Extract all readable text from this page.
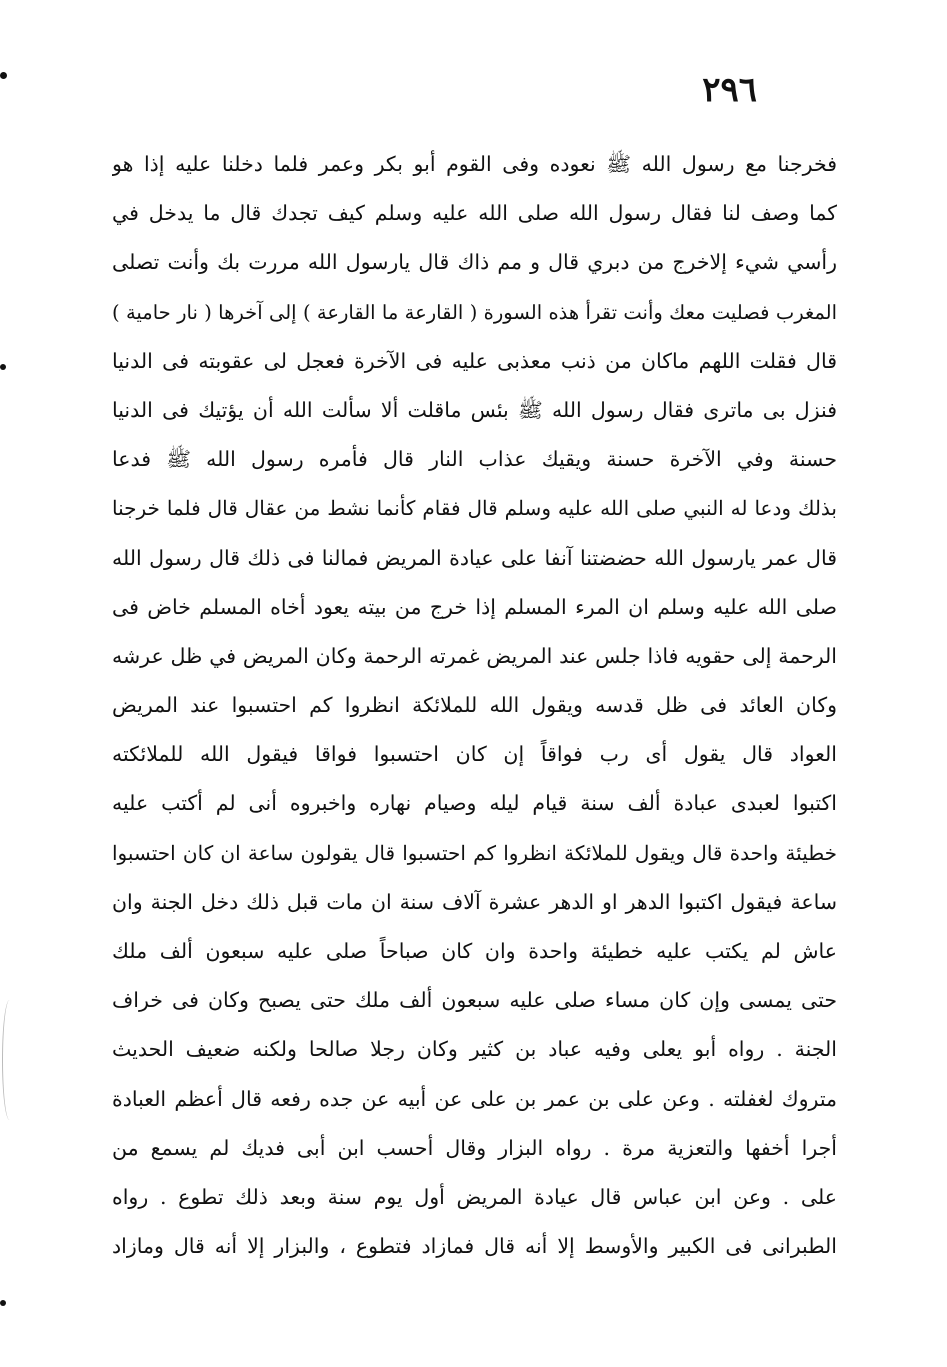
٢٩٦
فخرجنا مع رسول الله ﷺ نعوده وفى القوم أبو بكر وعمر فلما دخلنا عليه إذا هو
كما وصف لنا فقال رسول الله صلى الله عليه وسلم كيف تجدك قال ما يدخل في
رأسي شيء إلاخرج من دبري قال و مم ذاك قال يارسول الله مررت بك وأنت تصلى
المغرب فصليت معك وأنت تقرأ هذه السورة ( القارعة ما القارعة ) إلى آخرها ( نار حامية )
قال فقلت اللهم ماكان من ذنب معذبى عليه فى الآخرة فعجل لى عقوبته فى الدنيا
فنزل بى ماترى فقال رسول الله ﷺ بئس ماقلت ألا سألت الله أن يؤتيك فى الدنيا
حسنة وفي الآخرة حسنة ويقيك عذاب النار قال فأمره رسول الله ﷺ فدعا
بذلك ودعا له النبي صلى الله عليه وسلم قال فقام كأنما نشط من عقال قال فلما خرجنا
قال عمر يارسول الله حضضتنا آنفا على عيادة المريض فمالنا فى ذلك قال رسول الله
صلى الله عليه وسلم ان المرء المسلم إذا خرج من بيته يعود أخاه المسلم خاض فى
الرحمة إلى حقويه فاذا جلس عند المريض غمرته الرحمة وكان المريض في ظل عرشه
وكان العائد فى ظل قدسه ويقول الله للملائكة انظروا كم احتسبوا عند المريض
العواد قال يقول أى رب فواقاً إن كان احتسبوا فواقا فيقول الله للملائكته
اكتبوا لعبدى عبادة ألف سنة قيام ليله وصيام نهاره واخبروه أنى لم أكتب عليه
خطيئة واحدة قال ويقول للملائكة انظروا كم احتسبوا قال يقولون ساعة ان كان احتسبوا
ساعة فيقول اكتبوا الدهر او الدهر عشرة آلاف سنة ان مات قبل ذلك دخل الجنة وان
عاش لم يكتب عليه خطيئة واحدة وان كان صباحاً صلى عليه سبعون ألف ملك
حتى يمسى وإن كان مساء صلى عليه سبعون ألف ملك حتى يصبح وكان فى خراف
الجنة . رواه أبو يعلى وفيه عباد بن كثير وكان رجلا صالحا ولكنه ضعيف الحديث
متروك لغفلته . وعن على بن عمر بن على عن أبيه عن جده رفعه قال أعظم العبادة
أجرا أخفها والتعزية مرة . رواه البزار وقال أحسب ابن أبى فديك لم يسمع من
على . وعن ابن عباس قال عيادة المريض أول يوم سنة وبعد ذلك تطوع . رواه
الطبرانى فى الكبير والأوسط إلا أنه قال فمازاد فتطوع ، والبزار إلا أنه قال ومازاد
